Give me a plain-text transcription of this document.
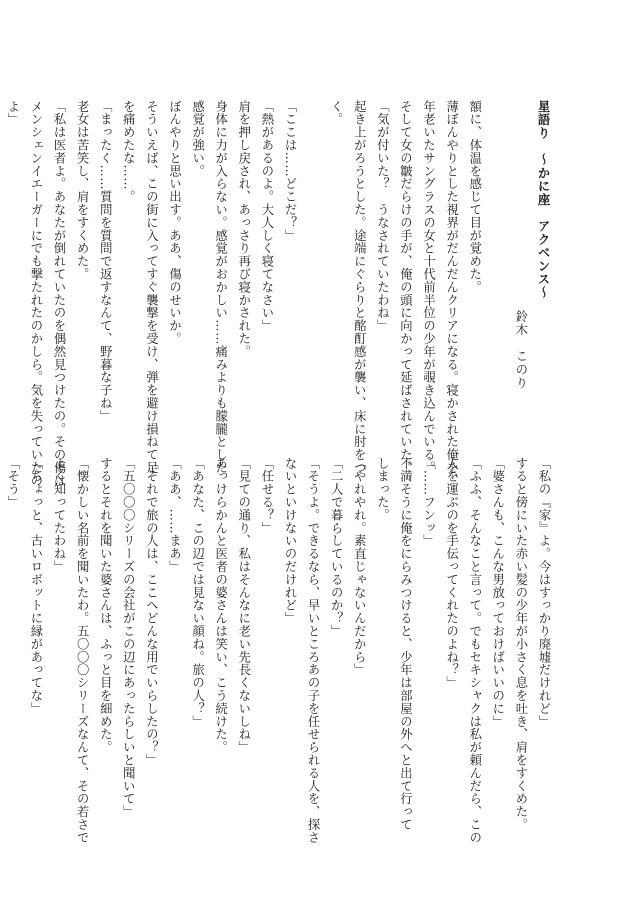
星語り　～かに座　アクベンス～
鈴木　このり

額に、体温を感じて目が覚めた。
薄ぼんやりとした視界がだんだんクリアになる。寝かされた俺を、
年老いたサングラスの女と十代前半位の少年が覗き込んでいる。
そして女の皺だらけの手が、俺の頭に向かって延ばされていた。
「気が付いた？　うなされていたわね」
起き上がろうとした。途端にぐらりと酩酊感が襲い、床に肘をつ
く。

「ここは……どこだ？」
「熱があるのよ。大人しく寝てなさい」
肩を押し戻され、あっさり再び寝かされた。
身体に力が入らない。感覚がおかしい……痛みよりも朦朧とした
感覚が強い。
ぼんやりと思い出す。ああ、傷のせいか。
そういえば、この街に入ってすぐ襲撃を受け、弾を避け損ねて足
を痛めたな……。
「まったく……質問を質問で返すなんて、野暮な子ね」
老女は苦笑し、肩をすくめた。
「私は医者よ。あなたが倒れていたのを偶然見つけたの。その傷は
メンシェンイエーガーにでも撃たれたのかしら。気を失っていたの
よ」
「私の『家』よ。今はすっかり廃墟だけれど」
すると傍にいた赤い髪の少年が小さく息を吐き、肩をすくめた。
「婆さんも、こんな男放っておけばいいのに」
「ふふ、そんなこと言って。でもセキシャクは私が頼んだら、この
人を運ぶのを手伝ってくれたのよね？」
「……フンッ」
不満そうに俺をにらみつけると、少年は部屋の外へと出て行って
しまった。
「やれやれ。素直じゃないんだから」
「二人で暮らしているのか？」
「そうよ。できるなら、早いところあの子を任せられる人を、探さ
ないといけないのだけれど」
「任せる？」
「見ての通り、私はそんなに老い先長くないしね」
あっけらかんと医者の婆さんは笑い、こう続けた。
「あなた、この辺では見ない顔ね。旅の人？」
「ああ、……まあ」
「それで旅の人は、ここへどんな用でいらしたの？」
「五〇〇〇シリーズの会社がこの辺にあったらしいと聞いて」
するとそれを聞いた婆さんは、ふっと目を細めた。
「懐かしい名前を聞いたわ。五〇〇〇シリーズなんて、その若さで
よく知ってたわね」
「ちょっと、古いロボットに縁があってな」
「そう」
